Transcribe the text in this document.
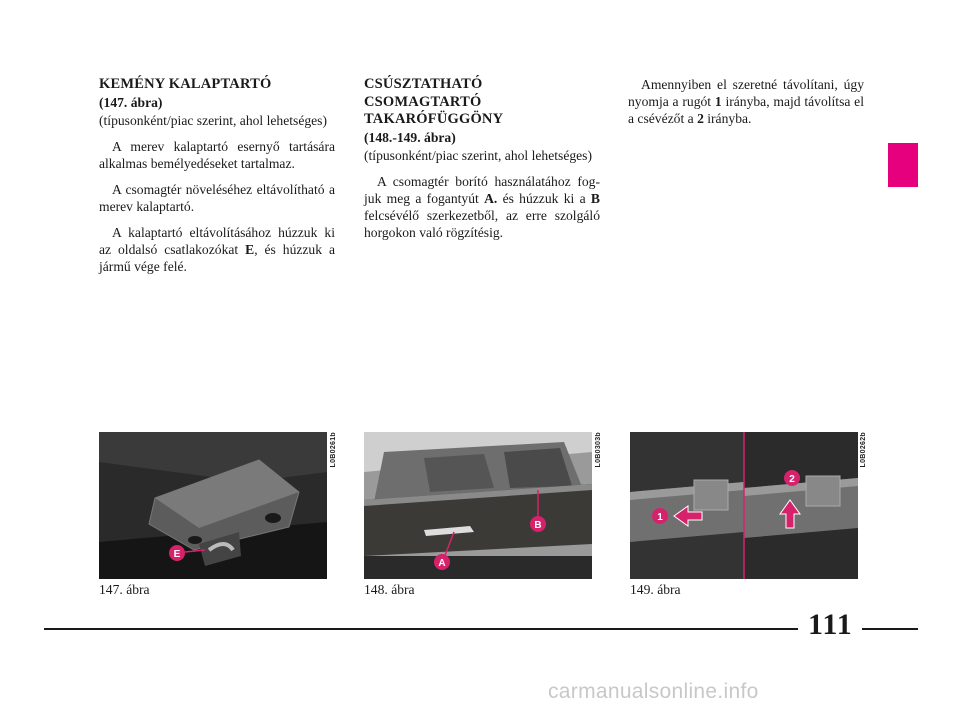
KEMÉNY KALAPTARTÓ

(147. ábra)

(típusonként/piac szerint, ahol lehetséges)

A merev kalaptartó esernyő tartására alkalmas bemélyedéseket tartalmaz.

A csomagtér növeléséhez eltávolítható a merev kalaptartó.

A kalaptartó eltávolításához húzzuk ki az oldalsó csatlakozókat E, és húzzuk a jármű vége felé.

CSÚSZTATHATÓ
CSOMAGTARTÓ
TAKARÓFÜGGÖNY

(148.-149. ábra)

(típusonként/piac szerint, ahol lehetséges)

A csomagtér borító használatához fog-juk meg a fogantyút A. és húzzuk ki a B felcsévélő szerkezetből, az erre szolgáló horgokon való rögzítésig.

Amennyiben el szeretné távolítani, úgy nyomja a rugót 1 irányba, majd távolítsa el a csévézőt a 2 irányba.

E
L0B0261b
147. ábra
A
B
L0B0303b
148. ábra
1
2
L0B0262b
149. ábra
111
carmanualsonline.info
